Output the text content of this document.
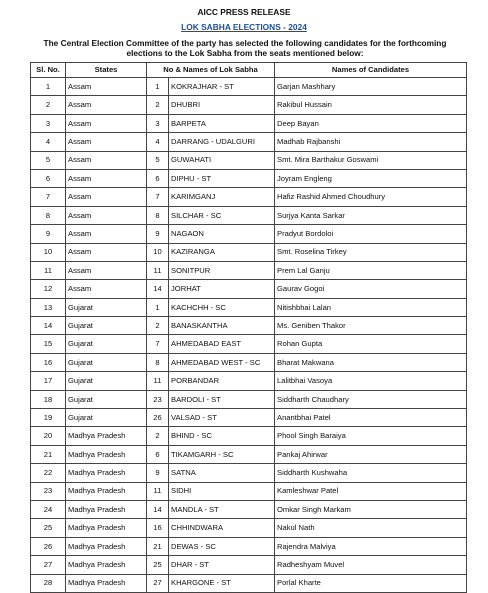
AICC PRESS RELEASE
LOK SABHA ELECTIONS - 2024
The Central Election Committee of the party has selected the following candidates for the forthcoming elections to the Lok Sabha from the seats mentioned below:
Sl. No.	States	No & Names of Lok Sabha		Names of Candidates
1	Assam	1	KOKRAJHAR - ST	Garjan Mashhary
2	Assam	2	DHUBRI	Rakibul Hussain
3	Assam	3	BARPETA	Deep Bayan
4	Assam	4	DARRANG - UDALGURI	Madhab Rajbanshi
5	Assam	5	GUWAHATI	Smt. Mira Barthakur Goswami
6	Assam	6	DIPHU - ST	Joyram Engleng
7	Assam	7	KARIMGANJ	Hafiz Rashid Ahmed Choudhury
8	Assam	8	SILCHAR - SC	Surjya Kanta Sarkar
9	Assam	9	NAGAON	Pradyut Bordoloi
10	Assam	10	KAZIRANGA	Smt. Roselina Tirkey
11	Assam	11	SONITPUR	Prem Lal Ganju
12	Assam	14	JORHAT	Gaurav Gogoi
13	Gujarat	1	KACHCHH - SC	Nitishbhai Lalan
14	Gujarat	2	BANASKANTHA	Ms. Geniben Thakor
15	Gujarat	7	AHMEDABAD EAST	Rohan Gupta
16	Gujarat	8	AHMEDABAD WEST - SC	Bharat Makwana
17	Gujarat	11	PORBANDAR	Lalitbhai Vasoya
18	Gujarat	23	BARDOLI - ST	Siddharth Chaudhary
19	Gujarat	26	VALSAD - ST	Anantbhai Patel
20	Madhya Pradesh	2	BHIND - SC	Phool Singh Baraiya
21	Madhya Pradesh	6	TIKAMGARH - SC	Pankaj Ahirwar
22	Madhya Pradesh	9	SATNA	Siddharth Kushwaha
23	Madhya Pradesh	11	SIDHI	Kamleshwar Patel
24	Madhya Pradesh	14	MANDLA - ST	Omkar Singh Markam
25	Madhya Pradesh	16	CHHINDWARA	Nakul Nath
26	Madhya Pradesh	21	DEWAS - SC	Rajendra Malviya
27	Madhya Pradesh	25	DHAR - ST	Radheshyam Muvel
28	Madhya Pradesh	27	KHARGONE - ST	Porlal Kharte
